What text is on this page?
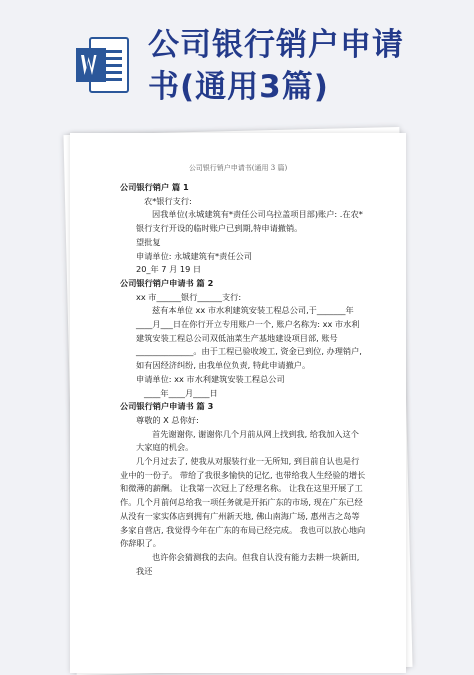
公司银行销户申请
书(通用3篇)
公司银行销户申请书(通用 3 篇)

公司银行销户 篇 1

农*银行支行:

因我单位(永城建筑有*责任公司乌拉盖项目部)账户: .在农*银行支行开设的临时账户已到期,特申请撤销。

望批复

申请单位: 永城建筑有*责任公司

20_年 7 月 19 日

公司银行销户申请书 篇 2

xx 市______银行______支行:

兹有本单位 xx 市水利建筑安装工程总公司,于_______年____月___日在你行开立专用账户一个, 账户名称为: xx 市水利建筑安装工程总公司双低油菜生产基地建设项目部, 账号______________。由于工程已验收竣工, 资金已到位, 办理销户, 如有因经济纠纷, 由我单位负责, 特此申请撤户。

申请单位: xx 市水利建筑安装工程总公司

____年____月____日

公司银行销户申请书 篇 3

尊敬的 X 总你好:

首先谢谢你, 谢谢你几个月前从网上找到我, 给我加入这个大家庭的机会。

几个月过去了, 使我从对服装行业一无所知, 到目前自认也是行业中的一份子。 带给了我很多愉快的记忆, 也带给我人生经验的增长和微薄的薪酬。 让我第一次冠上了经理名称。 让我在这里开展了工作。几个月前何总给我一项任务就是开拓广东的市场, 现在广东已经从没有一家实体店到拥有广州新天地, 佛山南海广场, 惠州吉之岛等多家自营店, 我觉得今年在广东的布局已经完成。 我也可以放心地向你辞职了。

也许你会猜测我的去向。但我自认没有能力去耕一块新田, 我还
